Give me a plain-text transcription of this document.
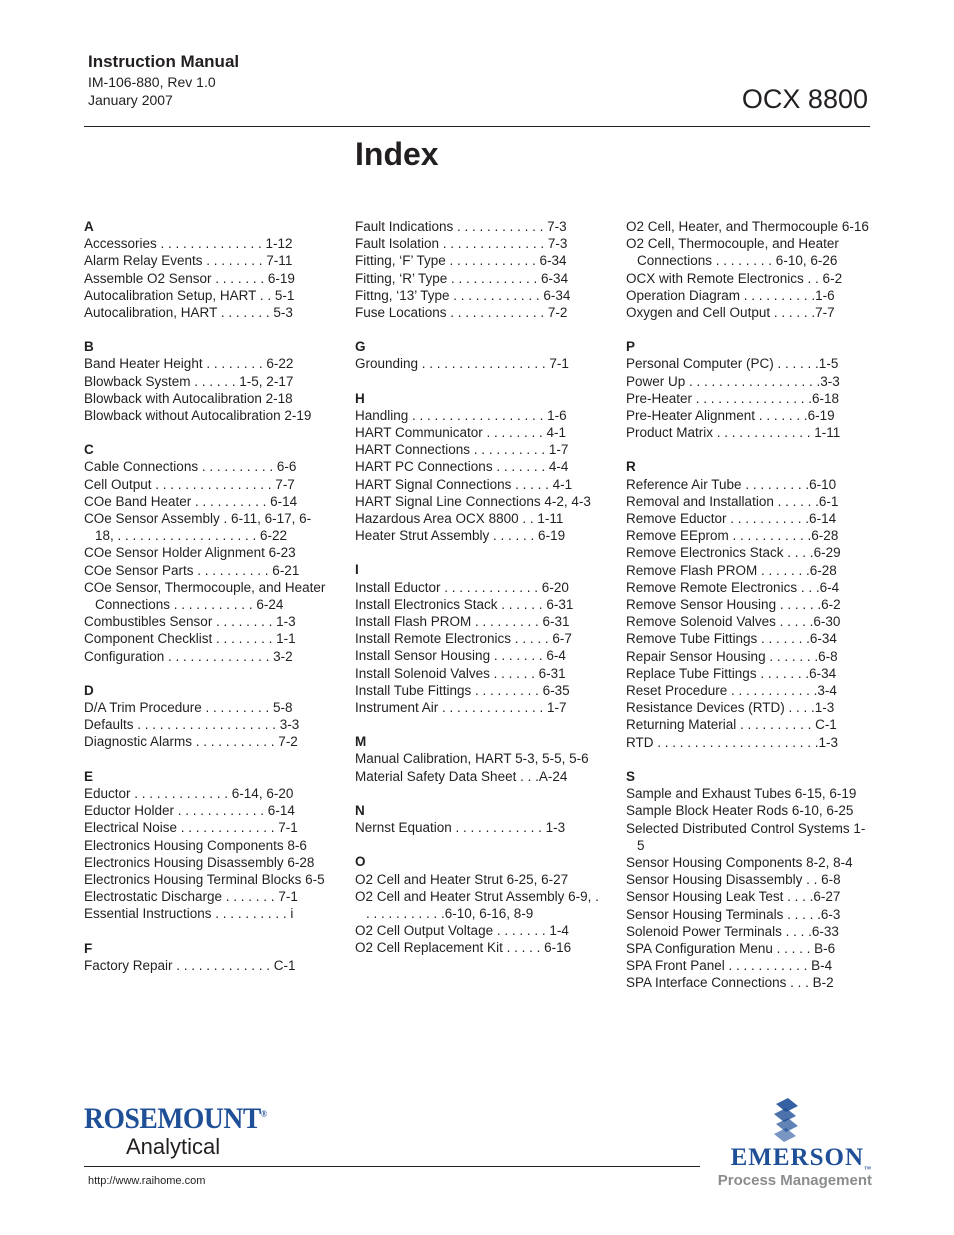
Instruction Manual
IM-106-880, Rev 1.0
January 2007	OCX 8800
Index
A
Accessories . . . . . . . . . . . . . . 1-12
Alarm Relay Events . . . . . . . . 7-11
Assemble O2 Sensor . . . . . . . 6-19
Autocalibration Setup, HART . . 5-1
Autocalibration, HART . . . . . . . 5-3
B
Band Heater Height . . . . . . . . 6-22
Blowback System . . . . . . 1-5, 2-17
Blowback with Autocalibration 2-18
Blowback without Autocalibration 2-19
C
Cable Connections . . . . . . . . . . 6-6
Cell Output . . . . . . . . . . . . . . . . 7-7
COe Band Heater . . . . . . . . . . 6-14
COe Sensor Assembly . 6-11, 6-17, 6-18, . . . . . . . . . . . . . . . . . . . 6-22
COe Sensor Holder Alignment 6-23
COe Sensor Parts . . . . . . . . . . 6-21
COe Sensor, Thermocouple, and Heater Connections . . . . . . . . . . . 6-24
Combustibles Sensor . . . . . . . . 1-3
Component Checklist . . . . . . . . 1-1
Configuration . . . . . . . . . . . . . . 3-2
D
D/A Trim Procedure . . . . . . . . . 5-8
Defaults . . . . . . . . . . . . . . . . . . . 3-3
Diagnostic Alarms . . . . . . . . . . . 7-2
E
Eductor . . . . . . . . . . . . . 6-14, 6-20
Eductor Holder . . . . . . . . . . . . 6-14
Electrical Noise . . . . . . . . . . . . . 7-1
Electronics Housing Components 8-6
Electronics Housing Disassembly 6-28
Electronics Housing Terminal Blocks 6-5
Electrostatic Discharge . . . . . . . 7-1
Essential Instructions . . . . . . . . . . i
F
Factory Repair . . . . . . . . . . . . . C-1
Fault Indications . . . . . . . . . . . . 7-3
Fault Isolation . . . . . . . . . . . . . . 7-3
Fitting, ‘F’ Type . . . . . . . . . . . . 6-34
Fitting, ‘R’ Type . . . . . . . . . . . . 6-34
Fittng, ‘13’ Type . . . . . . . . . . . . 6-34
Fuse Locations . . . . . . . . . . . . . 7-2
G
Grounding . . . . . . . . . . . . . . . . . 7-1
H
Handling . . . . . . . . . . . . . . . . . . 1-6
HART Communicator . . . . . . . . 4-1
HART Connections . . . . . . . . . . 1-7
HART PC Connections . . . . . . . 4-4
HART Signal Connections . . . . . 4-1
HART Signal Line Connections 4-2, 4-3
Hazardous Area OCX 8800 . . 1-11
Heater Strut Assembly . . . . . . 6-19
I
Install Eductor . . . . . . . . . . . . . 6-20
Install Electronics Stack . . . . . . 6-31
Install Flash PROM . . . . . . . . . 6-31
Install Remote Electronics . . . . . 6-7
Install Sensor Housing . . . . . . . 6-4
Install Solenoid Valves . . . . . . 6-31
Install Tube Fittings . . . . . . . . . 6-35
Instrument Air . . . . . . . . . . . . . . 1-7
M
Manual Calibration, HART 5-3, 5-5, 5-6
Material Safety Data Sheet . . .A-24
N
Nernst Equation . . . . . . . . . . . . 1-3
O
O2 Cell and Heater Strut 6-25, 6-27
O2 Cell and Heater Strut Assembly 6-9, . . . . . . . . . . . .6-10, 6-16, 8-9
O2 Cell Output Voltage . . . . . . . 1-4
O2 Cell Replacement Kit . . . . . 6-16
O2 Cell, Heater, and Thermocouple 6-16
O2 Cell, Thermocouple, and Heater Connections . . . . . . . . 6-10, 6-26
OCX with Remote Electronics . . 6-2
Operation Diagram . . . . . . . . . .1-6
Oxygen and Cell Output . . . . . .7-7
P
Personal Computer (PC) . . . . . .1-5
Power Up . . . . . . . . . . . . . . . . . .3-3
Pre-Heater . . . . . . . . . . . . . . . .6-18
Pre-Heater Alignment . . . . . . .6-19
Product Matrix . . . . . . . . . . . . . 1-11
R
Reference Air Tube . . . . . . . . .6-10
Removal and Installation . . . . . .6-1
Remove Eductor . . . . . . . . . . .6-14
Remove EEprom . . . . . . . . . . .6-28
Remove Electronics Stack . . . .6-29
Remove Flash PROM . . . . . . .6-28
Remove Remote Electronics . . .6-4
Remove Sensor Housing . . . . . .6-2
Remove Solenoid Valves . . . . .6-30
Remove Tube Fittings . . . . . . .6-34
Repair Sensor Housing . . . . . . .6-8
Replace Tube Fittings . . . . . . .6-34
Reset Procedure . . . . . . . . . . . .3-4
Resistance Devices (RTD) . . . .1-3
Returning Material . . . . . . . . . . C-1
RTD . . . . . . . . . . . . . . . . . . . . . .1-3
S
Sample and Exhaust Tubes 6-15, 6-19
Sample Block Heater Rods 6-10, 6-25
Selected Distributed Control Systems 1-5
Sensor Housing Components 8-2, 8-4
Sensor Housing Disassembly . . 6-8
Sensor Housing Leak Test . . . .6-27
Sensor Housing Terminals . . . . .6-3
Solenoid Power Terminals . . . .6-33
SPA Configuration Menu . . . . . B-6
SPA Front Panel . . . . . . . . . . . B-4
SPA Interface Connections . . . B-2
ROSEMOUNT®
Analytical
http://www.raihome.com
$EMERSON_™$
Process Management
